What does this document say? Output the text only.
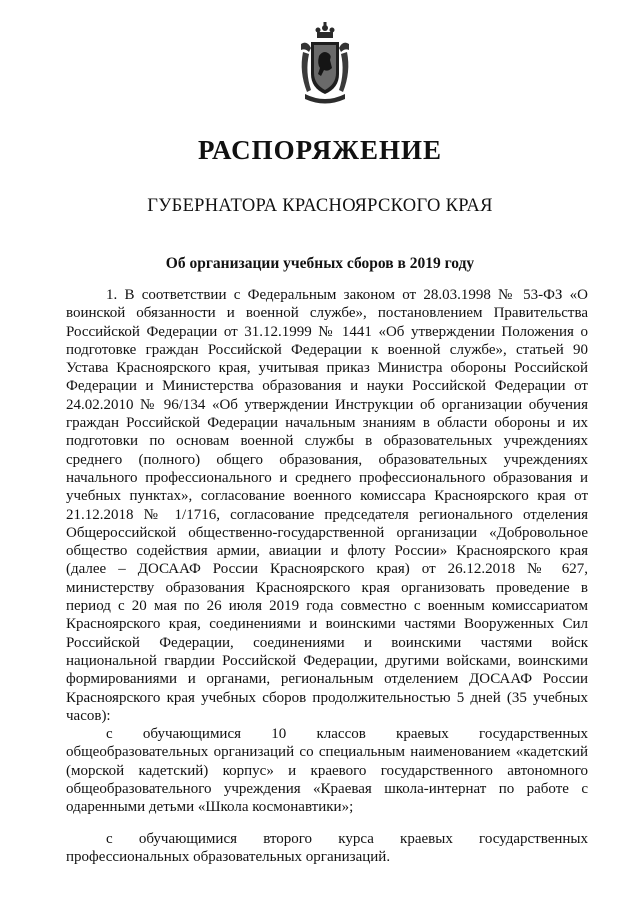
РАСПОРЯЖЕНИЕ
ГУБЕРНАТОРА КРАСНОЯРСКОГО КРАЯ
Об организации учебных сборов в 2019 году

1. В соответствии с Федеральным законом от 28.03.1998 № 53-ФЗ «О воинской обязанности и военной службе», постановлением Правительства Российской Федерации от 31.12.1999 № 1441 «Об утверждении Положения о подготовке граждан Российской Федерации к военной службе», статьей 90 Устава Красноярского края, учитывая приказ Министра обороны Российской Федерации и Министерства образования и науки Российской Федерации от 24.02.2010 № 96/134 «Об утверждении Инструкции об организации обучения граждан Российской Федерации начальным знаниям в области обороны и их подготовки по основам военной службы в образовательных учреждениях среднего (полного) общего образования, образовательных учреждениях начального профессионального и среднего профессионального образования и учебных пунктах», согласование военного комиссара Красноярского края от 21.12.2018 № 1/1716, согласование председателя регионального отделения Общероссийской общественно-государственной организации «Добровольное общество содействия армии, авиации и флоту России» Красноярского края (далее – ДОСААФ России Красноярского края) от 26.12.2018 № 627, министерству образования Красноярского края организовать проведение в период с 20 мая по 26 июля 2019 года совместно с военным комиссариатом Красноярского края, соединениями и воинскими частями Вооруженных Сил Российской Федерации, соединениями и воинскими частями войск национальной гвардии Российской Федерации, другими войсками, воинскими формированиями и органами, региональным отделением ДОСААФ России Красноярского края учебных сборов продолжительностью 5 дней (35 учебных часов):

с обучающимися 10 классов краевых государственных общеобразовательных организаций со специальным наименованием «кадетский (морской кадетский) корпус» и краевого государственного автономного общеобразовательного учреждения «Краевая школа-интернат по работе с одаренными детьми «Школа космонавтики»;

с обучающимися второго курса краевых государственных профессиональных образовательных организаций.
